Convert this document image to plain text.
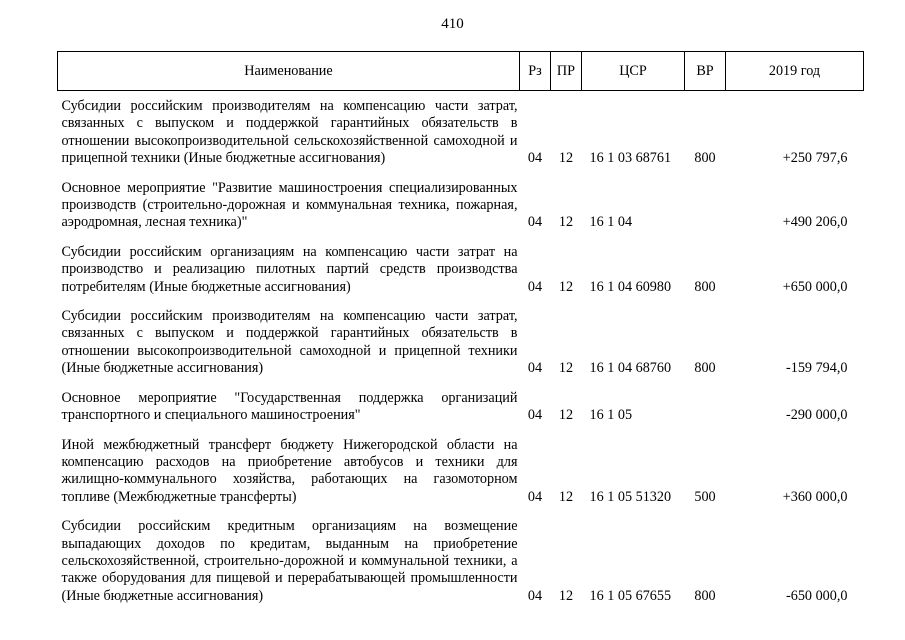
410
Наименование	Рз	ПР	ЦСР	ВР	2019 год
Субсидии российским производителям на компенсацию части затрат, связанных с выпуском и поддержкой гарантийных обязательств в отношении высокопроизводительной сельскохозяйственной самоходной и прицепной техники (Иные бюджетные ассигнования)	04	12	16 1 03 68761	800	+250 797,6
Основное мероприятие "Развитие машиностроения специализированных производств (строительно-дорожная и коммунальная техника, пожарная, аэродромная, лесная техника)"	04	12	16 1 04		+490 206,0
Субсидии российским организациям на компенсацию части затрат на производство и реализацию пилотных партий средств производства потребителям (Иные бюджетные ассигнования)	04	12	16 1 04 60980	800	+650 000,0
Субсидии российским производителям на компенсацию части затрат, связанных с выпуском и поддержкой гарантийных обязательств в отношении высокопроизводительной самоходной и прицепной техники (Иные бюджетные ассигнования)	04	12	16 1 04 68760	800	-159 794,0
Основное мероприятие "Государственная поддержка организаций транспортного и специального машиностроения"	04	12	16 1 05		-290 000,0
Иной межбюджетный трансферт бюджету Нижегородской области на компенсацию расходов на приобретение автобусов и техники для жилищно-коммунального хозяйства, работающих на газомоторном топливе (Межбюджетные трансферты)	04	12	16 1 05 51320	500	+360 000,0
Субсидии российским кредитным организациям на возмещение выпадающих доходов по кредитам, выданным на приобретение сельскохозяйственной, строительно-дорожной и коммунальной техники, а также оборудования для пищевой и перерабатывающей промышленности (Иные бюджетные ассигнования)	04	12	16 1 05 67655	800	-650 000,0
